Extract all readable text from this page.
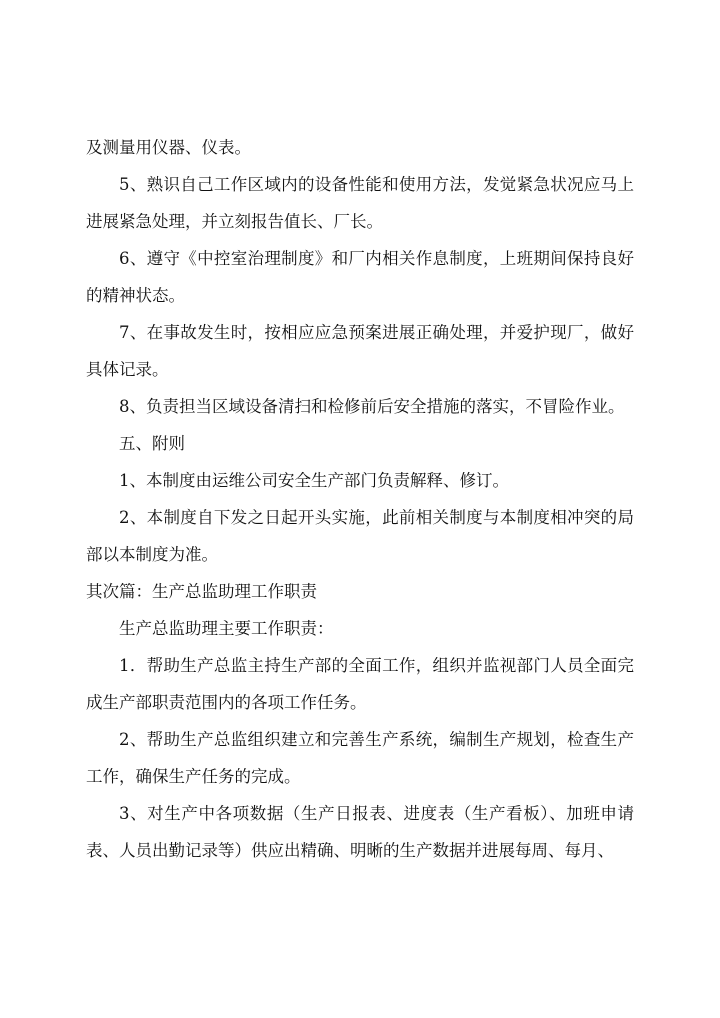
及测量用仪器、仪表。

5、熟识自己工作区域内的设备性能和使用方法，发觉紧急状况应马上进展紧急处理，并立刻报告值长、厂长。

6、遵守《中控室治理制度》和厂内相关作息制度，上班期间保持良好的精神状态。

7、在事故发生时，按相应应急预案进展正确处理，并爱护现厂，做好具体记录。

8、负责担当区域设备清扫和检修前后安全措施的落实，不冒险作业。

五、附则

1、本制度由运维公司安全生产部门负责解释、修订。

2、本制度自下发之日起开头实施，此前相关制度与本制度相冲突的局部以本制度为准。

其次篇：生产总监助理工作职责

生产总监助理主要工作职责：

1．帮助生产总监主持生产部的全面工作，组织并监视部门人员全面完成生产部职责范围内的各项工作任务。

2、帮助生产总监组织建立和完善生产系统，编制生产规划，检查生产工作，确保生产任务的完成。

3、对生产中各项数据（生产日报表、进度表（生产看板）、加班申请表、人员出勤记录等）供应出精确、明晰的生产数据并进展每周、每月、
